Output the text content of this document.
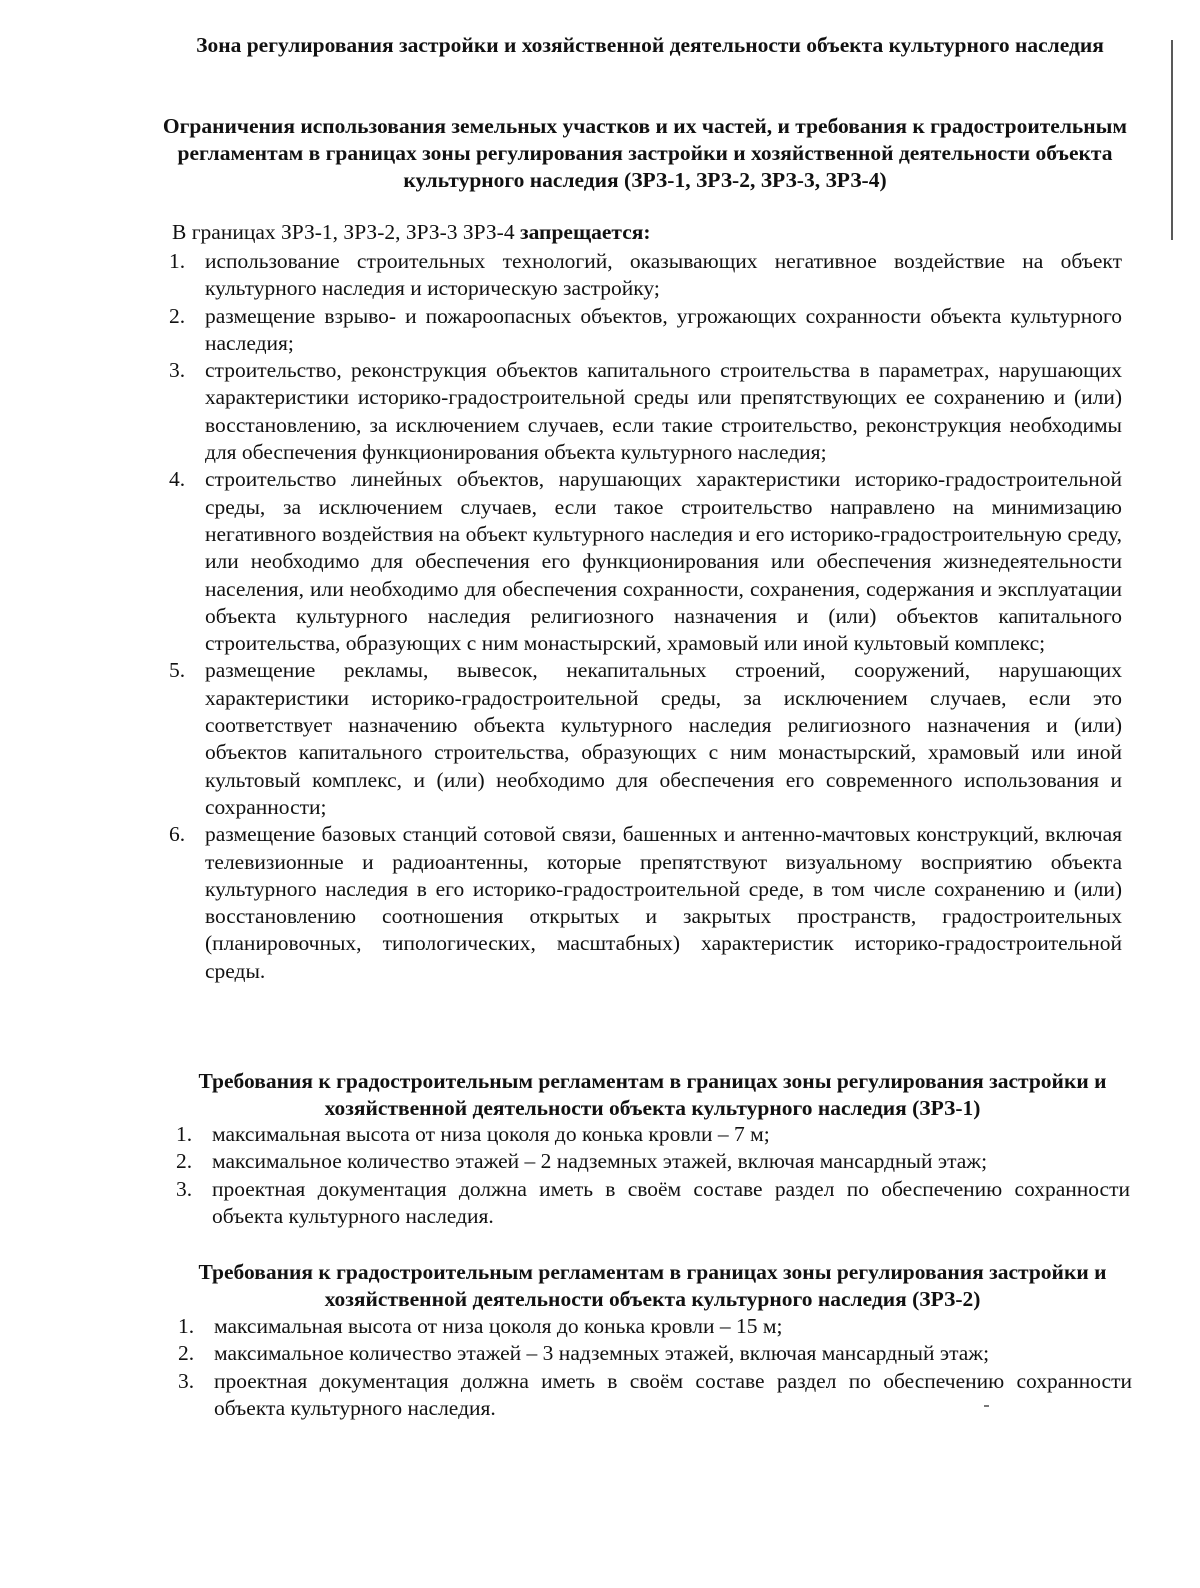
Зона регулирования застройки и хозяйственной деятельности объекта культурного наследия
Ограничения использования земельных участков и их частей, и требования к градостроительным регламентам в границах зоны регулирования застройки и хозяйственной деятельности объекта культурного наследия (ЗРЗ-1, ЗРЗ-2, ЗРЗ-3, ЗРЗ-4)

В границах ЗРЗ-1, ЗРЗ-2, ЗРЗ-3 ЗРЗ-4 запрещается:

1. использование строительных технологий, оказывающих негативное воздействие на объект культурного наследия и историческую застройку;
2. размещение взрыво- и пожароопасных объектов, угрожающих сохранности объекта культурного наследия;
3. строительство, реконструкция объектов капитального строительства в параметрах, нарушающих характеристики историко-градостроительной среды или препятствующих ее сохранению и (или) восстановлению, за исключением случаев, если такие строительство, реконструкция необходимы для обеспечения функционирования объекта культурного наследия;
4. строительство линейных объектов, нарушающих характеристики историко-градостроительной среды, за исключением случаев, если такое строительство направлено на минимизацию негативного воздействия на объект культурного наследия и его историко-градостроительную среду, или необходимо для обеспечения его функционирования или обеспечения жизнедеятельности населения, или необходимо для обеспечения сохранности, сохранения, содержания и эксплуатации объекта культурного наследия религиозного назначения и (или) объектов капитального строительства, образующих с ним монастырский, храмовый или иной культовый комплекс;
5. размещение рекламы, вывесок, некапитальных строений, сооружений, нарушающих характеристики историко-градостроительной среды, за исключением случаев, если это соответствует назначению объекта культурного наследия религиозного назначения и (или) объектов капитального строительства, образующих с ним монастырский, храмовый или иной культовый комплекс, и (или) необходимо для обеспечения его современного использования и сохранности;
6. размещение базовых станций сотовой связи, башенных и антенно-мачтовых конструкций, включая телевизионные и радиоантенны, которые препятствуют визуальному восприятию объекта культурного наследия в его историко-градостроительной среде, в том числе сохранению и (или) восстановлению соотношения открытых и закрытых пространств, градостроительных (планировочных, типологических, масштабных) характеристик историко-градостроительной среды.
Требования к градостроительным регламентам в границах зоны регулирования застройки и хозяйственной деятельности объекта культурного наследия (ЗРЗ-1)
1. максимальная высота от низа цоколя до конька кровли – 7 м;
2. максимальное количество этажей – 2 надземных этажей, включая мансардный этаж;
3. проектная документация должна иметь в своём составе раздел по обеспечению сохранности объекта культурного наследия.
Требования к градостроительным регламентам в границах зоны регулирования застройки и хозяйственной деятельности объекта культурного наследия (ЗРЗ-2)
1. максимальная высота от низа цоколя до конька кровли – 15 м;
2. максимальное количество этажей – 3 надземных этажей, включая мансардный этаж;
3. проектная документация должна иметь в своём составе раздел по обеспечению сохранности объекта культурного наследия.
